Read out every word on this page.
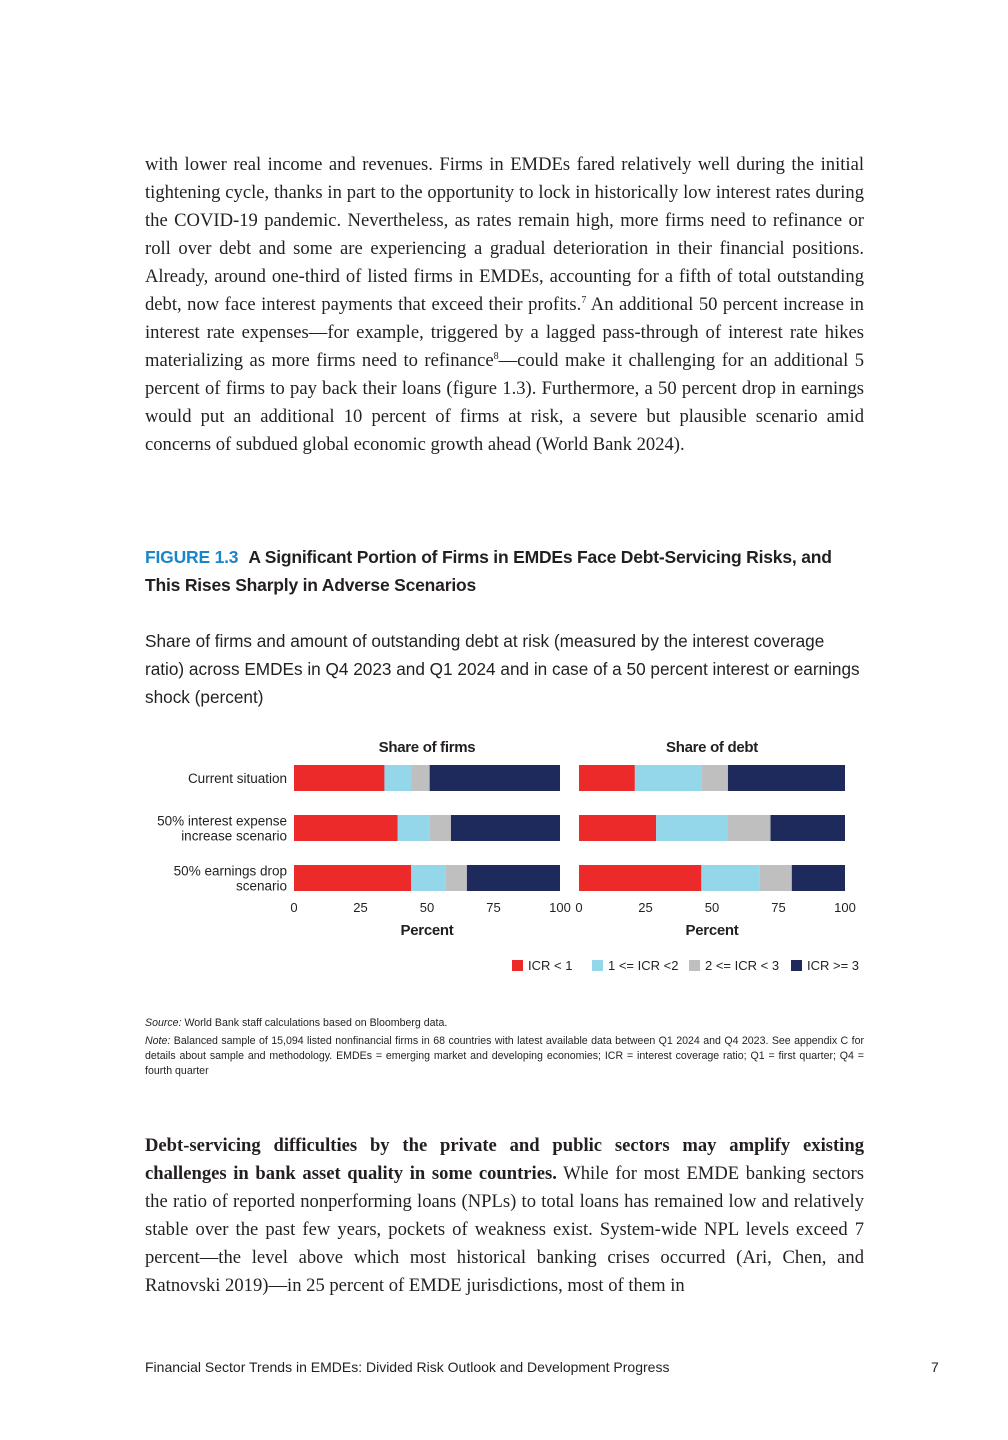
with lower real income and revenues. Firms in EMDEs fared relatively well during the initial tightening cycle, thanks in part to the opportunity to lock in historically low interest rates during the COVID-19 pandemic. Nevertheless, as rates remain high, more firms need to refinance or roll over debt and some are experiencing a gradual deterioration in their financial positions. Already, around one-third of listed firms in EMDEs, accounting for a fifth of total outstanding debt, now face interest payments that exceed their profits.$^7$ An additional 50 percent increase in interest rate expenses—for example, triggered by a lagged pass-through of interest rate hikes materializing as more firms need to refinance$^8$—could make it challenging for an additional 5 percent of firms to pay back their loans (figure 1.3). Furthermore, a 50 percent drop in earnings would put an additional 10 percent of firms at risk, a severe but plausible scenario amid concerns of subdued global economic growth ahead (World Bank 2024).

FIGURE 1.3 A Significant Portion of Firms in EMDEs Face Debt-Servicing Risks, and This Rises Sharply in Adverse Scenarios
Share of firms and amount of outstanding debt at risk (measured by the interest coverage ratio) across EMDEs in Q4 2023 and Q1 2024 and in case of a 50 percent interest or earnings shock (percent)
Current situation
50% interest expense
increase scenario
50% earnings drop
scenario
Share of firms
0	25	50	75	100
Percent
Share of debt
0	25	50	75	100
Percent
ICR < 1	1 <= ICR <2 2 <= ICR < 3 ICR >= 3
Source: World Bank staff calculations based on Bloomberg data.
Note: Balanced sample of 15,094 listed nonfinancial firms in 68 countries with latest available data between Q1 2024 and Q4 2023. See appendix C for details about sample and methodology. EMDEs = emerging market and developing economies; ICR = interest coverage ratio; Q1 = first quarter; Q4 = fourth quarter

Debt-servicing difficulties by the private and public sectors may amplify existing challenges in bank asset quality in some countries. While for most EMDE banking sectors the ratio of reported nonperforming loans (NPLs) to total loans has remained low and relatively stable over the past few years, pockets of weakness exist. System-wide NPL levels exceed 7 percent—the level above which most historical banking crises occurred (Ari, Chen, and Ratnovski 2019)—in 25 percent of EMDE jurisdictions, most of them in

Financial Sector Trends in EMDEs: Divided Risk Outlook and Development Progress	7
